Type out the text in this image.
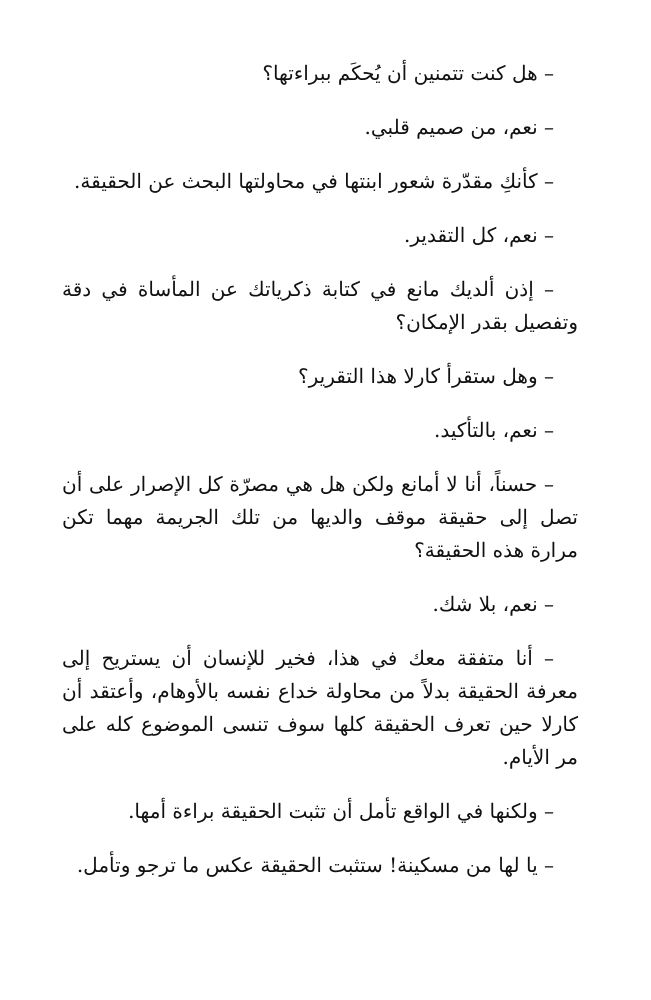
– هل كنت تتمنين أن يُحكَم ببراءتها؟

– نعم، من صميم قلبي.

– كأنكِ مقدّرة شعور ابنتها في محاولتها البحث عن الحقيقة.

– نعم، كل التقدير.

– إذن ألديك مانع في كتابة ذكرياتك عن المأساة في دقة وتفصيل بقدر الإمكان؟

– وهل ستقرأ كارلا هذا التقرير؟

– نعم، بالتأكيد.

– حسناً، أنا لا أمانع ولكن هل هي مصرّة كل الإصرار على أن تصل إلى حقيقة موقف والديها من تلك الجريمة مهما تكن مرارة هذه الحقيقة؟

– نعم، بلا شك.

– أنا متفقة معك في هذا، فخير للإنسان أن يستريح إلى معرفة الحقيقة بدلاً من محاولة خداع نفسه بالأوهام، وأعتقد أن كارلا حين تعرف الحقيقة كلها سوف تنسى الموضوع كله على مر الأيام.

– ولكنها في الواقع تأمل أن تثبت الحقيقة براءة أمها.

– يا لها من مسكينة! ستثبت الحقيقة عكس ما ترجو وتأمل.
